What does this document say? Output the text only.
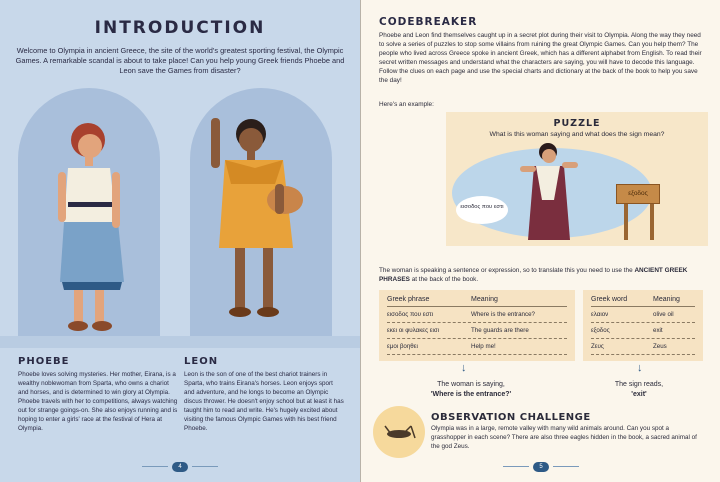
INTRODUCTION

Welcome to Olympia in ancient Greece, the site of the world's greatest sporting festival, the Olympic Games. A remarkable scandal is about to take place! Can you help young Greek friends Phoebe and Leon save the Games from disaster?

PHOEBE

Phoebe loves solving mysteries. Her mother, Eirana, is a wealthy noblewoman from Sparta, who owns a chariot and horses, and is determined to win glory at Olympia. Phoebe travels with her to competitions, always watching out for strange goings-on. She also enjoys running and is hoping to enter a girls' race at the festival of Hera at Olympia.

LEON

Leon is the son of one of the best chariot trainers in Sparta, who trains Eirana's horses. Leon enjoys sport and adventure, and he longs to become an Olympic discus thrower. He doesn't enjoy school but at least it has taught him to read and write. He's hugely excited about visiting the famous Olympic Games with his best friend Phoebe.

4
CODEBREAKER

Phoebe and Leon find themselves caught up in a secret plot during their visit to Olympia. Along the way they need to solve a series of puzzles to stop some villains from ruining the great Olympic Games. Can you help them? The people who lived across Greece spoke in ancient Greek, which has a different alphabet from English. To read their secret written messages and understand what the characters are saying, you will have to decode this language. Follow the clues on each page and use the special charts and dictionary at the back of the book to help you save the day!

Here's an example:
PUZZLE
What is this woman saying and what does the sign mean?
εισοδος που εστι
εξοδος
The woman is speaking a sentence or expression, so to translate this you need to use the ANCIENT GREEK PHRASES at the back of the book.
Greek phrase	Meaning
εισοδος που εστι	Where is the entrance?
εκει οι φυλακες εισι	The guards are there
εμοι βοηθει	Help me!
Greek word	Meaning
ελαιον	olive oil
εξοδος	exit
Ζευς	Zeus
↓	↓
The woman is saying,
'Where is the entrance?'
The sign reads,
'exit'
OBSERVATION CHALLENGE

Olympia was in a large, remote valley with many wild animals around. Can you spot a grasshopper in each scene? There are also three eagles hidden in the book, a sacred animal of the god Zeus.

5
